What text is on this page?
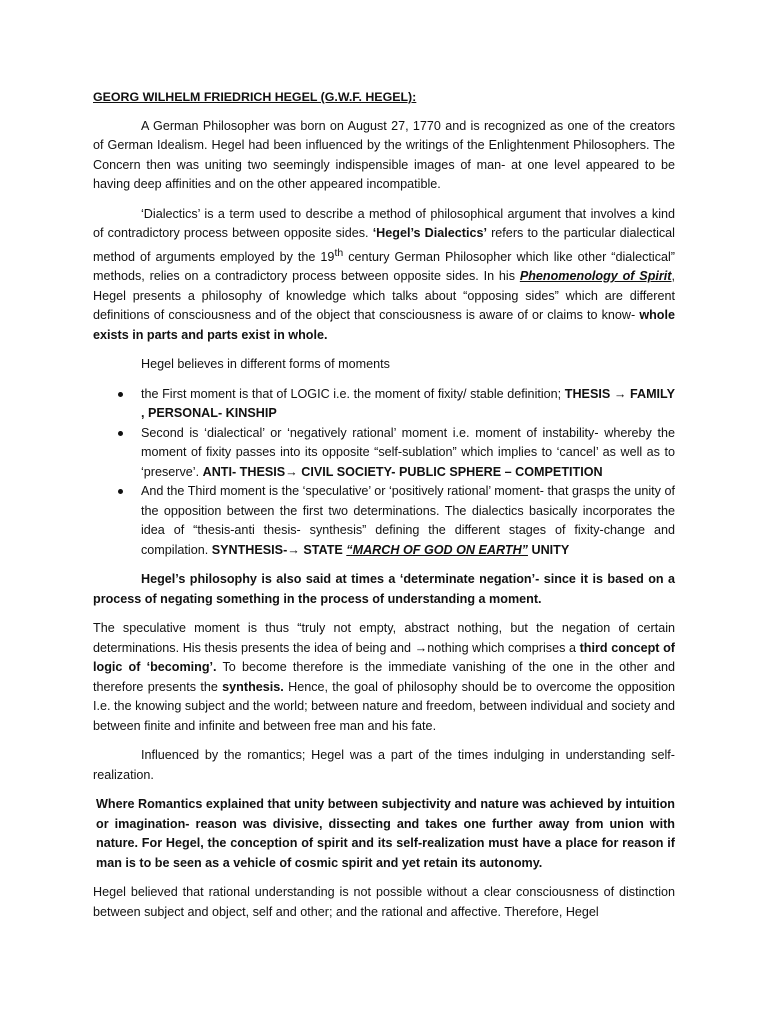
GEORG WILHELM FRIEDRICH HEGEL (G.W.F. HEGEL):

A German Philosopher was born on August 27, 1770 and is recognized as one of the creators of German Idealism. Hegel had been influenced by the writings of the Enlightenment Philosophers. The Concern then was uniting two seemingly indispensible images of man- at one level appeared to be having deep affinities and on the other appeared incompatible.

‘Dialectics’ is a term used to describe a method of philosophical argument that involves a kind of contradictory process between opposite sides. ‘Hegel’s Dialectics’ refers to the particular dialectical method of arguments employed by the 19th century German Philosopher which like other “dialectical” methods, relies on a contradictory process between opposite sides. In his Phenomenology of Spirit, Hegel presents a philosophy of knowledge which talks about “opposing sides” which are different definitions of consciousness and of the object that consciousness is aware of or claims to know- whole exists in parts and parts exist in whole.

Hegel believes in different forms of moments

the First moment is that of LOGIC i.e. the moment of fixity/ stable definition; THESIS → FAMILY , PERSONAL- KINSHIP
Second is ‘dialectical’ or ‘negatively rational’ moment i.e. moment of instability- whereby the moment of fixity passes into its opposite “self-sublation” which implies to ‘cancel’ as well as to ‘preserve’. ANTI- THESIS→ CIVIL SOCIETY- PUBLIC SPHERE – COMPETITION
And the Third moment is the ‘speculative’ or ‘positively rational’ moment- that grasps the unity of the opposition between the first two determinations. The dialectics basically incorporates the idea of “thesis-anti thesis- synthesis” defining the different stages of fixity-change and compilation. SYNTHESIS-→ STATE “MARCH OF GOD ON EARTH” UNITY

Hegel’s philosophy is also said at times a ‘determinate negation’- since it is based on a process of negating something in the process of understanding a moment.

The speculative moment is thus “truly not empty, abstract nothing, but the negation of certain determinations. His thesis presents the idea of being and →nothing which comprises a third concept of logic of ‘becoming’. To become therefore is the immediate vanishing of the one in the other and therefore presents the synthesis. Hence, the goal of philosophy should be to overcome the opposition I.e. the knowing subject and the world; between nature and freedom, between individual and society and between finite and infinite and between free man and his fate.

Influenced by the romantics; Hegel was a part of the times indulging in understanding self-realization.

Where Romantics explained that unity between subjectivity and nature was achieved by intuition or imagination- reason was divisive, dissecting and takes one further away from union with nature. For Hegel, the conception of spirit and its self-realization must have a place for reason if man is to be seen as a vehicle of cosmic spirit and yet retain its autonomy.

Hegel believed that rational understanding is not possible without a clear consciousness of distinction between subject and object, self and other; and the rational and affective. Therefore, Hegel
